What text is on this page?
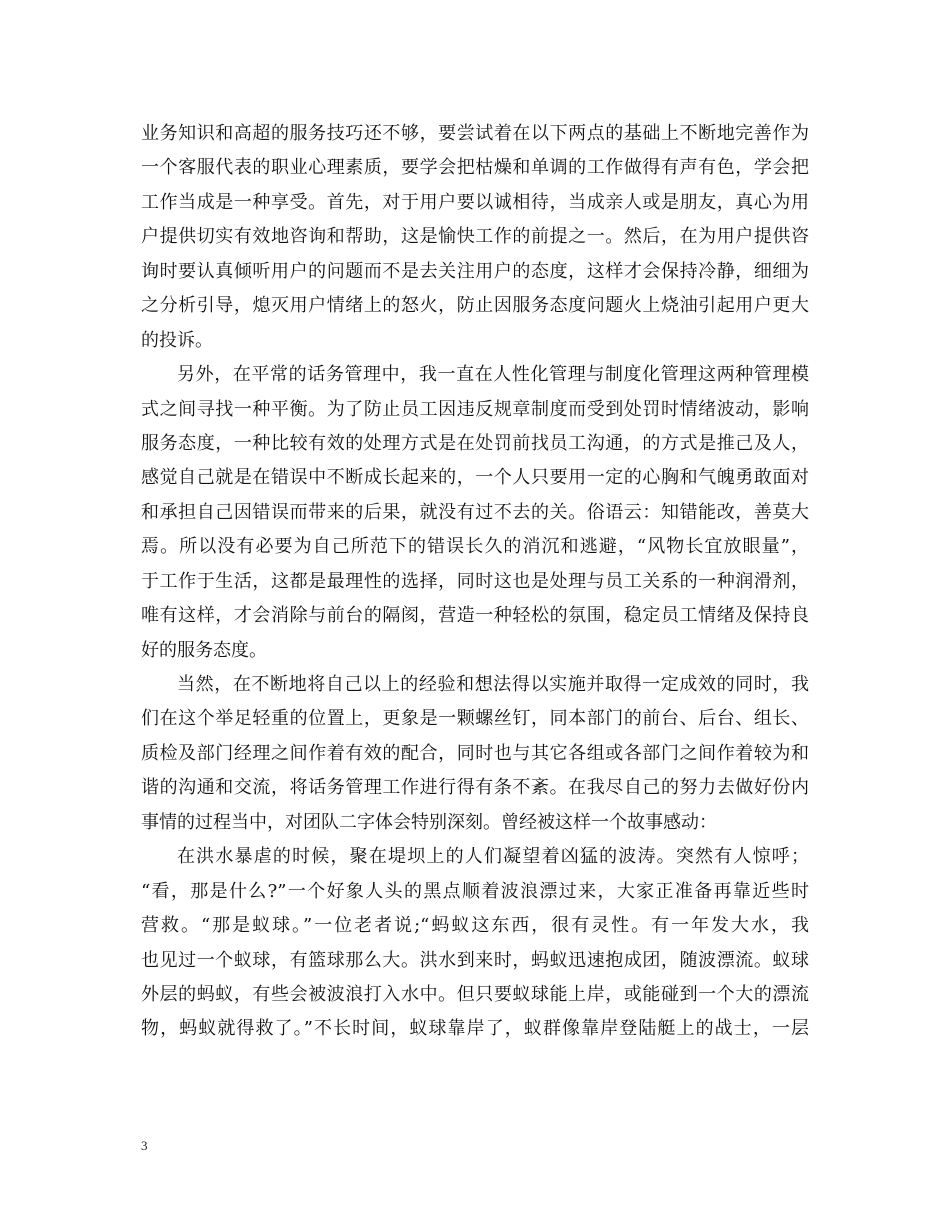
业务知识和高超的服务技巧还不够，要尝试着在以下两点的基础上不断地完善作为
一个客服代表的职业心理素质，要学会把枯燥和单调的工作做得有声有色，学会把
工作当成是一种享受。首先，对于用户要以诚相待，当成亲人或是朋友，真心为用
户提供切实有效地咨询和帮助，这是愉快工作的前提之一。然后，在为用户提供咨
询时要认真倾听用户的问题而不是去关注用户的态度，这样才会保持冷静，细细为
之分析引导，熄灭用户情绪上的怒火，防止因服务态度问题火上烧油引起用户更大
的投诉。
另外，在平常的话务管理中，我一直在人性化管理与制度化管理这两种管理模
式之间寻找一种平衡。为了防止员工因违反规章制度而受到处罚时情绪波动，影响
服务态度，一种比较有效的处理方式是在处罚前找员工沟通，的方式是推己及人，
感觉自己就是在错误中不断成长起来的，一个人只要用一定的心胸和气魄勇敢面对
和承担自己因错误而带来的后果，就没有过不去的关。俗语云：知错能改，善莫大
焉。所以没有必要为自己所范下的错误长久的消沉和逃避，“风物长宜放眼量”，
于工作于生活，这都是最理性的选择，同时这也是处理与员工关系的一种润滑剂，
唯有这样，才会消除与前台的隔阂，营造一种轻松的氛围，稳定员工情绪及保持良
好的服务态度。
当然，在不断地将自己以上的经验和想法得以实施并取得一定成效的同时，我
们在这个举足轻重的位置上，更象是一颗螺丝钉，同本部门的前台、后台、组长、
质检及部门经理之间作着有效的配合，同时也与其它各组或各部门之间作着较为和
谐的沟通和交流，将话务管理工作进行得有条不紊。在我尽自己的努力去做好份内
事情的过程当中，对团队二字体会特别深刻。曾经被这样一个故事感动：
在洪水暴虐的时候，聚在堤坝上的人们凝望着凶猛的波涛。突然有人惊呼；
“看，那是什么?”一个好象人头的黑点顺着波浪漂过来，大家正准备再靠近些时
营救。“那是蚁球。”一位老者说;“蚂蚁这东西，很有灵性。有一年发大水，我
也见过一个蚁球，有篮球那么大。洪水到来时，蚂蚁迅速抱成团，随波漂流。蚁球
外层的蚂蚁，有些会被波浪打入水中。但只要蚁球能上岸，或能碰到一个大的漂流
物，蚂蚁就得救了。”不长时间，蚁球靠岸了，蚁群像靠岸登陆艇上的战士，一层
3
